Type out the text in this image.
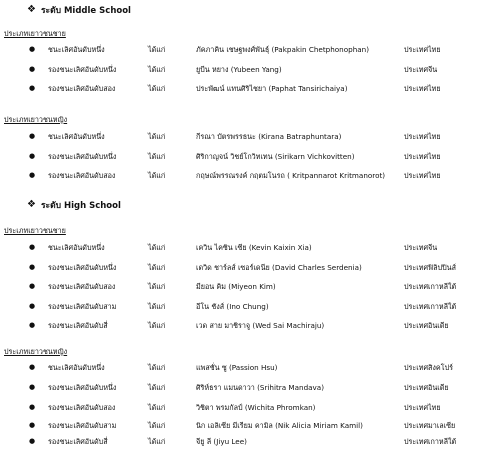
❖ ระดับ Middle School
ประเภทเยาวชนชาย
● ชนะเลิศอันดับหนึ่ง	ได้แก่	ภัคภาคิน เชษฐพงศ์พันธุ์ (Pakpakin Chetphonophan)	ประเทศไทย
● รองชนะเลิศอันดับหนึ่ง	ได้แก่	ยูบีน หยาง (Yubeen Yang)	ประเทศจีน
● รองชนะเลิศอันดับสอง	ได้แก่	ประพัฒน์ แทนศิริไชยา (Paphat Tansirichaiya)	ประเทศไทย
ประเภทเยาวชนหญิง
● ชนะเลิศอันดับหนึ่ง	ได้แก่	กีรณา บัตรพรรธนะ (Kirana Batraphuntara)	ประเทศไทย
● รองชนะเลิศอันดับหนึ่ง	ได้แก่	ศิริกาญจน์ วิชย์โกวิทเทน (Sirikarn Vichkovitten)	ประเทศไทย
● รองชนะเลิศอันดับสอง	ได้แก่	กฤษณ์พรรณรงค์ กฤตมโนรถ ( Kritpannarot Kritmanorot)	ประเทศไทย
❖ ระดับ High School
ประเภทเยาวชนชาย
● ชนะเลิศอันดับหนึ่ง	ได้แก่	เควิน ไคซิน เซีย (Kevin Kaixin Xia)	ประเทศจีน
● รองชนะเลิศอันดับหนึ่ง	ได้แก่	เดวิด ชาร์ลส์ เซอร์เดนีย (David Charles Serdenia)	ประเทศฟิลิปปินส์
● รองชนะเลิศอันดับสอง	ได้แก่	มียอน คิม (Miyeon Kim)	ประเทศเกาหลีใต้
● รองชนะเลิศอันดับสาม	ได้แก่	อีโน ชังส์ (Ino Chung)	ประเทศเกาหลีใต้
● รองชนะเลิศอันดับสี่	ได้แก่	เวด สาย มาชิราจู (Wed Sai Machiraju)	ประเทศอินเดีย
ประเภทเยาวชนหญิง
● ชนะเลิศอันดับหนึ่ง	ได้แก่	แพสชั่น ซู (Passion Hsu)	ประเทศสิงคโปร์
● รองชนะเลิศอันดับหนึ่ง	ได้แก่	ศิริห์ธรา แมนดาวา (Srihitra Mandava)	ประเทศอินเดีย
● รองชนะเลิศอันดับสอง	ได้แก่	วิชิตา พรมกัลป์ (Wichita Phromkan)	ประเทศไทย
● รองชนะเลิศอันดับสาม	ได้แก่	นิก เอลิเซีย มีเรียม คามิล (Nik Alicia Miriam Kamil)	ประเทศมาเลเซีย
● รองชนะเลิศอันดับสี่	ได้แก่	จียู ลี (Jiyu Lee)	ประเทศเกาหลีใต้
